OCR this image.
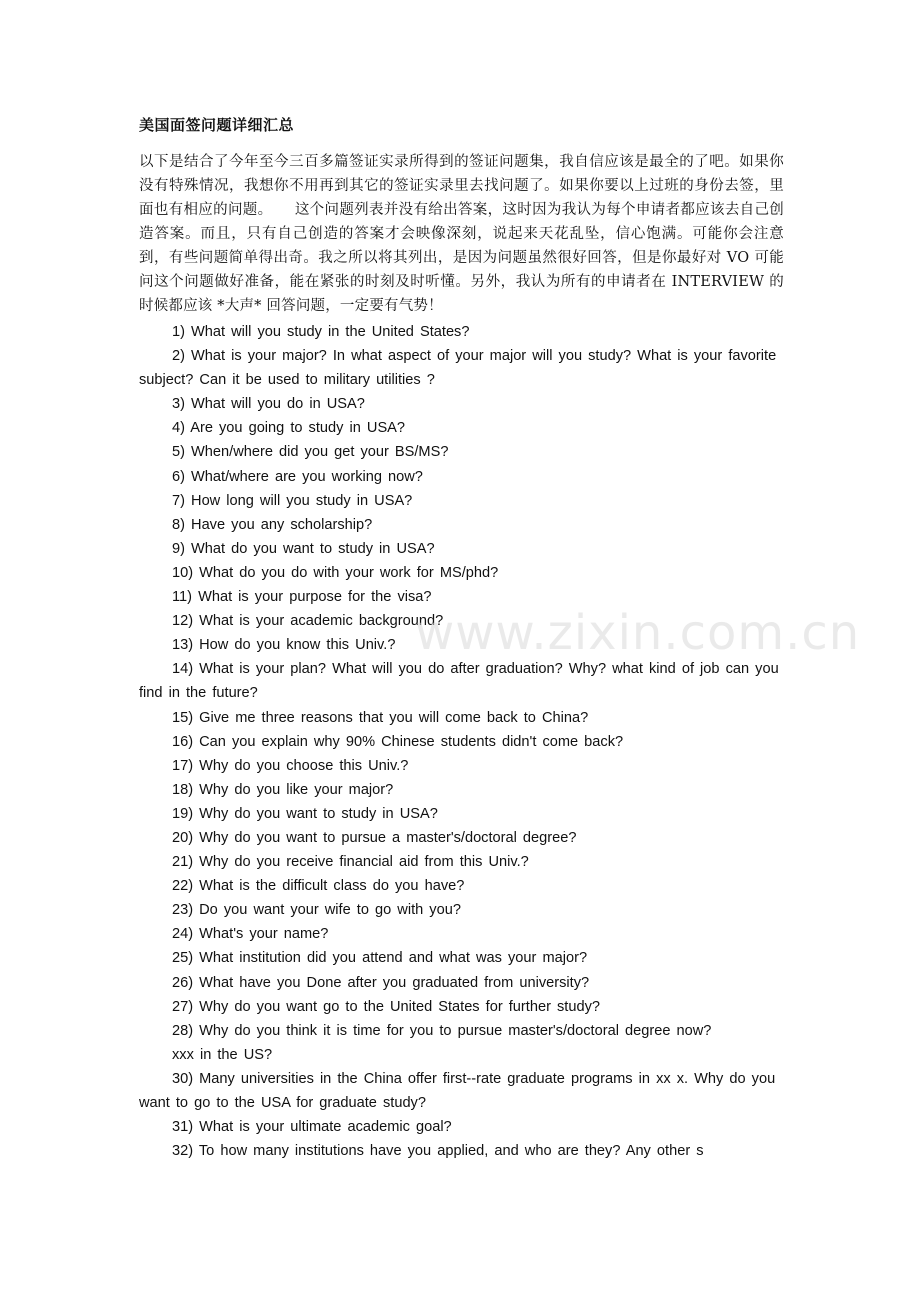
美国面签问题详细汇总
以下是结合了今年至今三百多篇签证实录所得到的签证问题集，我自信应该是最全的了吧。如果你没有特殊情况，我想你不用再到其它的签证实录里去找问题了。如果你要以上过班的身份去签，里面也有相应的问题。　　这个问题列表并没有给出答案，这时因为我认为每个申请者都应该去自己创造答案。而且，只有自己创造的答案才会映像深刻，说起来天花乱坠，信心饱满。可能你会注意到，有些问题简单得出奇。我之所以将其列出，是因为问题虽然很好回答，但是你最好对 VO 可能问这个问题做好准备，能在紧张的时刻及时听懂。另外，我认为所有的申请者在 INTERVIEW 的时候都应该 *大声* 回答问题，一定要有气势！
1) What will you study in the United States?
2) What is your major? In what aspect of your major will you study? What is your favorite subject? Can it be used to military utilities ?
3) What will you do in USA?
4) Are you going to study in USA?
5) When/where did you get your BS/MS?
6) What/where are you working now?
7) How long will you study in USA?
8) Have you any scholarship?
9) What do you want to study in USA?
10) What do you do with your work for MS/phd?
11) What is your purpose for the visa?
12) What is your academic background?
13) How do you know this Univ.?
14) What is your plan? What will you do after graduation? Why? what kind of job can you find in the future?
15) Give me three reasons that you will come back to China?
16) Can you explain why 90% Chinese students didn't come back?
17) Why do you choose this Univ.?
18) Why do you like your major?
19) Why do you want to study in USA?
20) Why do you want to pursue a master's/doctoral degree?
21) Why do you receive financial aid from this Univ.?
22) What is the difficult class do you have?
23) Do you want your wife to go with you?
24) What's your name?
25) What institution did you attend and what was your major?
26) What have you Done after you graduated from university?
27) Why do you want go to the United States for further study?
28) Why do you think it is time for you to pursue master's/doctoral degree now?
xxx in the US?
30) Many universities in the China offer first--rate graduate programs in xx x. Why do you want to go to the USA for graduate study?
31) What is your ultimate academic goal?
32) To how many institutions have you applied, and who are they? Any other s
www.zixin.com.cn
